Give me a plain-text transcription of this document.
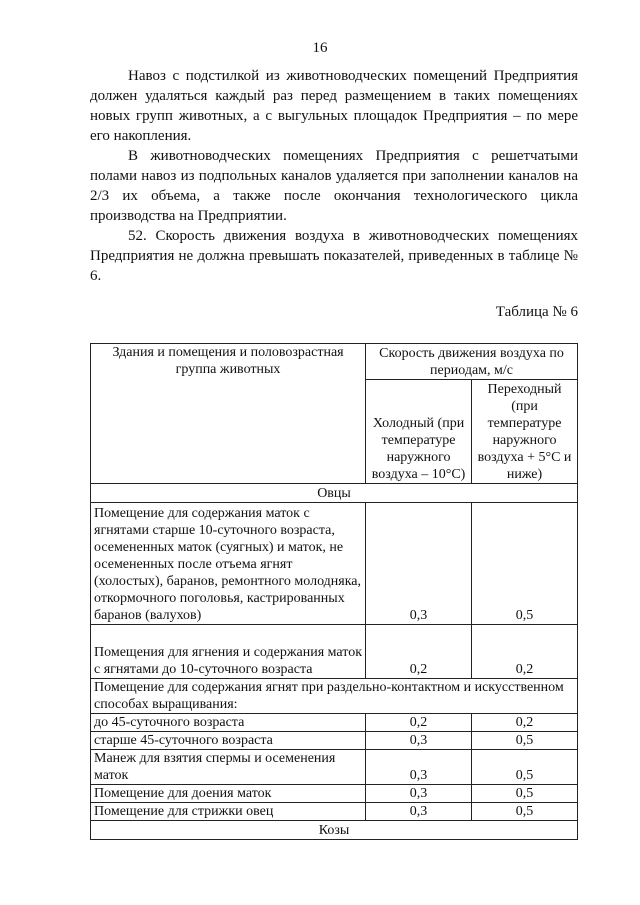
16

Навоз с подстилкой из животноводческих помещений Предприятия должен удаляться каждый раз перед размещением в таких помещениях новых групп животных, а с выгульных площадок Предприятия – по мере его накопления.

В животноводческих помещениях Предприятия с решетчатыми полами навоз из подпольных каналов удаляется при заполнении каналов на 2/3 их объема, а также после окончания технологического цикла производства на Предприятии.

52. Скорость движения воздуха в животноводческих помещениях Предприятия не должна превышать показателей, приведенных в таблице № 6.

Таблица № 6
Здания и помещения и половозрастная группа животных	Скорость движения воздуха по периодам, м/с	
	Холодный (при температуре наружного воздуха – 10°С)	Переходный (при температуре наружного воздуха + 5°С и ниже)
Овцы		
Помещение для содержания маток с ягнятами старше 10-суточного возраста, осемененных маток (суягных) и маток, не осемененных после отъема ягнят (холостых), баранов, ремонтного молодняка, откормочного поголовья, кастрированных баранов (валухов)	0,3	0,5
Помещения для ягнения и содержания маток с ягнятами до 10-суточного возраста	0,2	0,2
Помещение для содержания ягнят при раздельно-контактном и искусственном способах выращивания:		
до 45-суточного возраста	0,2	0,2
старше 45-суточного возраста	0,3	0,5
Манеж для взятия спермы и осеменения маток	0,3	0,5
Помещение для доения маток	0,3	0,5
Помещение для стрижки овец	0,3	0,5
Козы		
